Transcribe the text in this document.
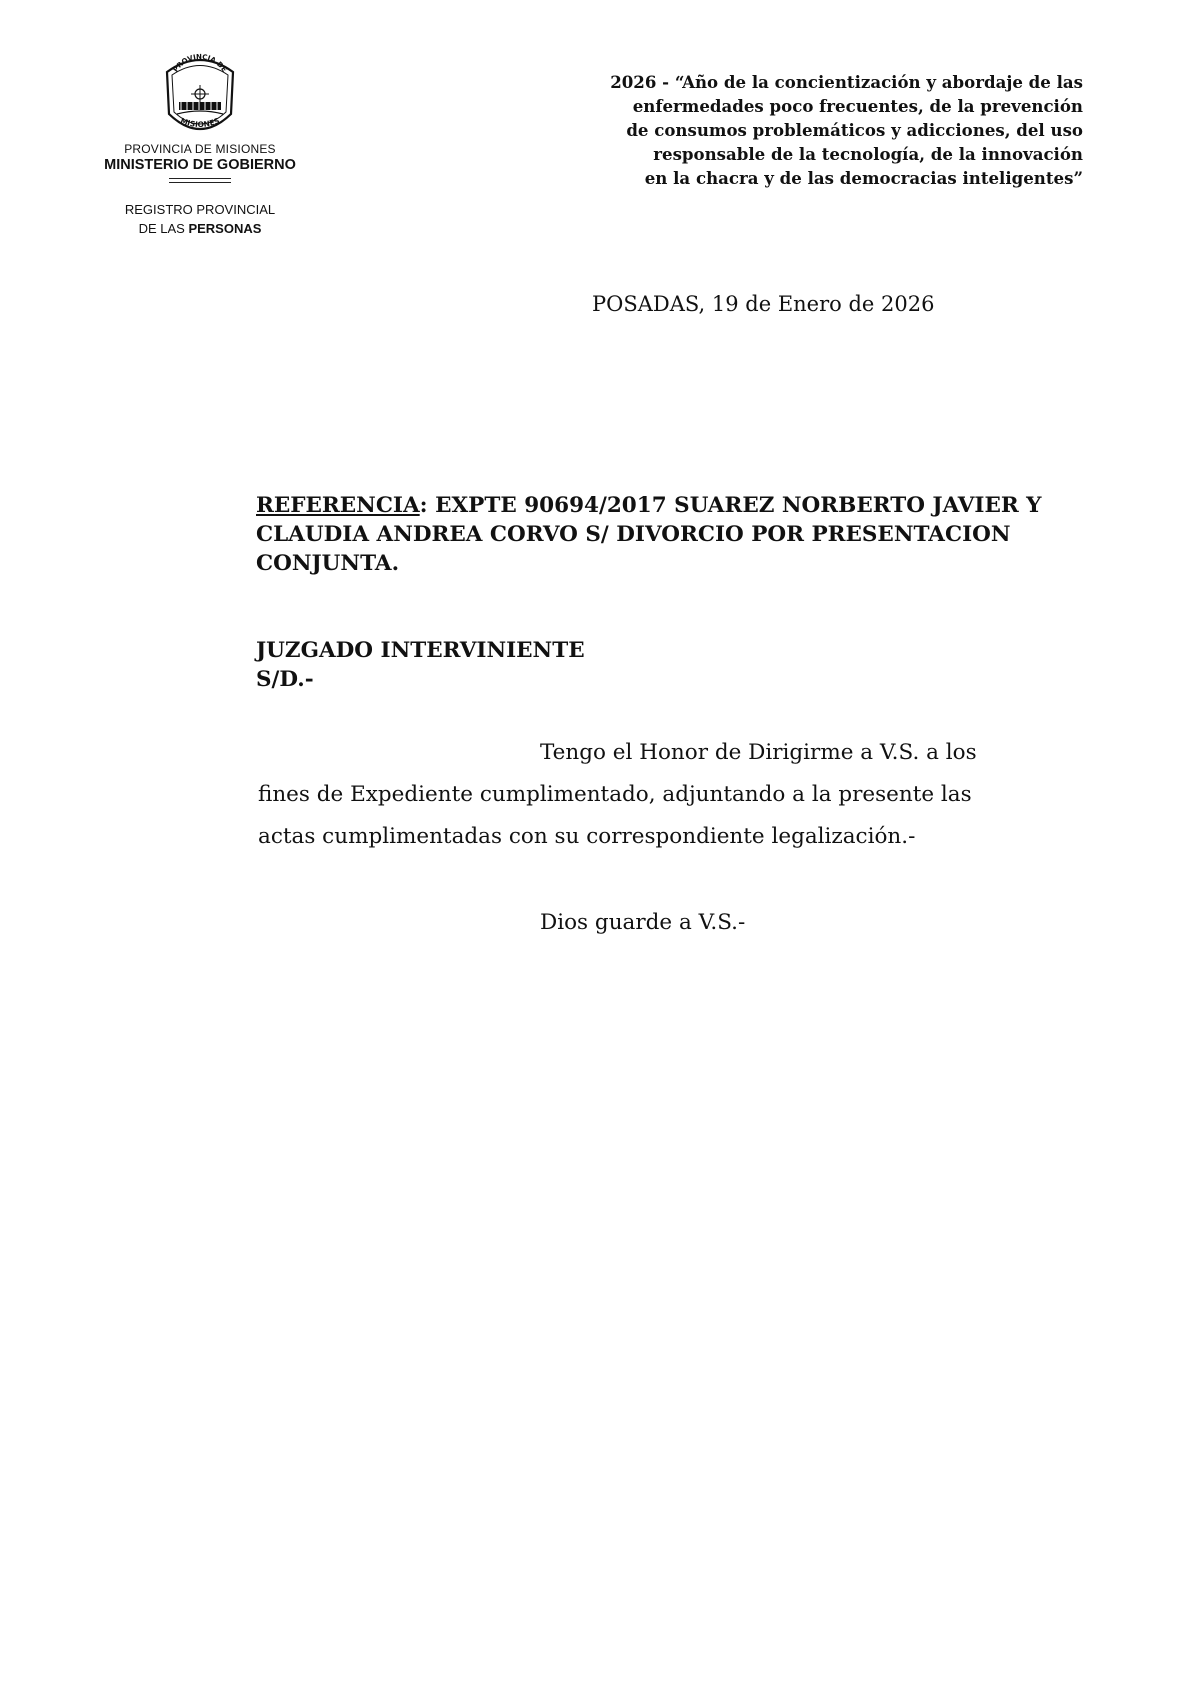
PROVINCIA DE
MISIONES
PROVINCIA DE MISIONES
MINISTERIO DE GOBIERNO
REGISTRO PROVINCIAL
DE LAS PERSONAS
2026 - “Año de la concientización y abordaje de las
enfermedades poco frecuentes, de la prevención
de consumos problemáticos y adicciones, del uso
responsable de la tecnología, de la innovación
en la chacra y de las democracias inteligentes”
POSADAS, 19 de Enero de 2026
REFERENCIA: EXPTE 90694/2017 SUAREZ NORBERTO JAVIER Y
CLAUDIA ANDREA CORVO S/ DIVORCIO POR PRESENTACION
CONJUNTA.
JUZGADO INTERVINIENTE
S/D.-
Tengo el Honor de Dirigirme a V.S. a los
fines de Expediente cumplimentado, adjuntando a la presente las
actas cumplimentadas con su correspondiente legalización.-
Dios guarde a V.S.-
